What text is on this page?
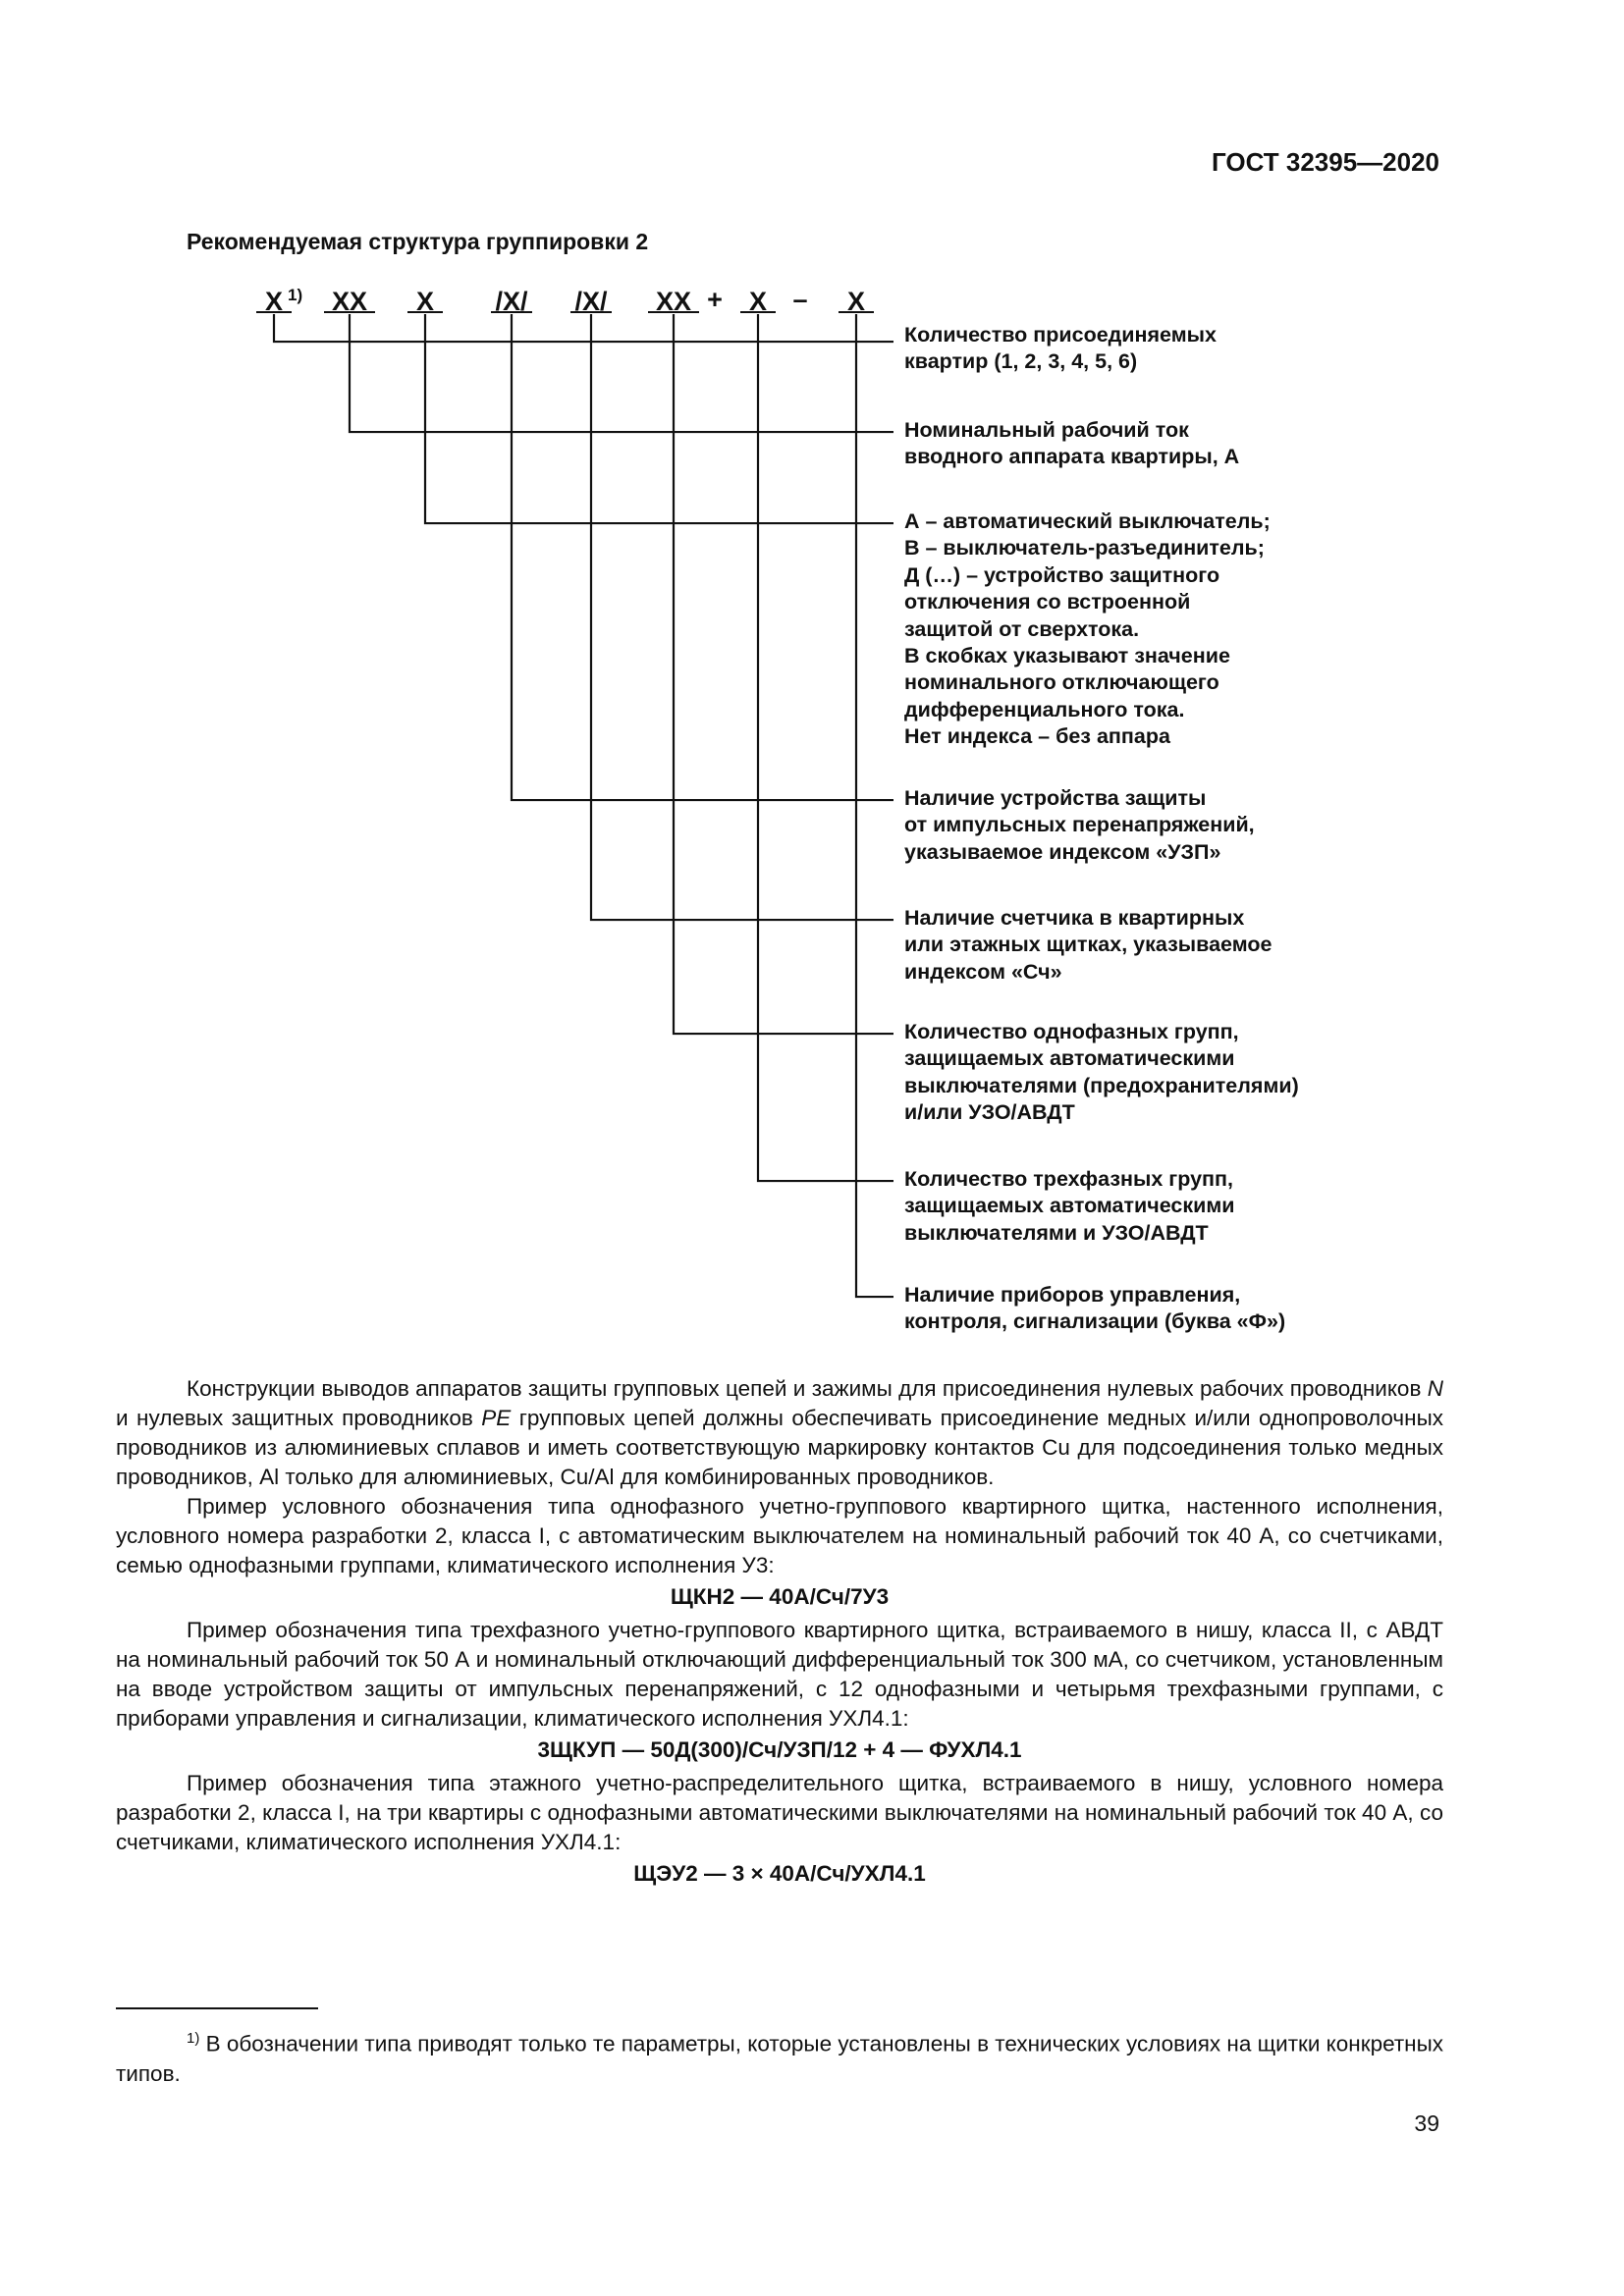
ГОСТ 32395—2020
Рекомендуемая структура группировки 2
Х 1) ХХ Х /Х/ /Х/ ХХ Х	Х
+	–
Количество присоединяемых
квартир (1, 2, 3, 4, 5, 6)
Номинальный рабочий ток
вводного аппарата квартиры, А
А – автоматический выключатель;
В – выключатель-разъединитель;
Д (…) – устройство защитного
отключения со встроенной
защитой от сверхтока.
В скобках указывают значение
номинального отключающего
дифференциального тока.
Нет индекса – без аппара
Наличие устройства защиты
от импульсных перенапряжений,
указываемое индексом «УЗП»
Наличие счетчика в квартирных
или этажных щитках, указываемое
индексом «Сч»
Количество однофазных групп,
защищаемых автоматическими
выключателями (предохранителями)
и/или УЗО/АВДТ
Количество трехфазных групп,
защищаемых автоматическими
выключателями и УЗО/АВДТ
Наличие приборов управления,
контроля, сигнализации (буква «Ф»)

Конструкции выводов аппаратов защиты групповых цепей и зажимы для присоединения нулевых рабочих проводников N и нулевых защитных проводников РЕ групповых цепей должны обеспечивать присоединение медных и/или однопроволочных проводников из алюминиевых сплавов и иметь соответствующую маркировку контактов Cu для подсоединения только медных проводников, Al только для алюминиевых, Cu/Al для комбинированных проводников.

Пример условного обозначения типа однофазного учетно-группового квартирного щитка, настенного исполнения, условного номера разработки 2, класса I, с автоматическим выключателем на номинальный рабочий ток 40 А, со счетчиками, семью однофазными группами, климатического исполнения У3:

ЩКН2 — 40А/Сч/7У3

Пример обозначения типа трехфазного учетно-группового квартирного щитка, встраиваемого в нишу, класса II, с АВДТ на номинальный рабочий ток 50 А и номинальный отключающий дифференциальный ток 300 мА, со счетчиком, установленным на вводе устройством защиты от импульсных перенапряжений, с 12 однофазными и четырьмя трехфазными группами, с приборами управления и сигнализации, климатического исполнения УХЛ4.1:

3ЩКУП — 50Д(300)/Сч/УЗП/12 + 4 — ФУХЛ4.1

Пример обозначения типа этажного учетно-распределительного щитка, встраиваемого в нишу, условного номера разработки 2, класса I, на три квартиры с однофазными автоматическими выключателями на номинальный рабочий ток 40 А, со счетчиками, климатического исполнения УХЛ4.1:

ЩЭУ2 — 3 × 40А/Сч/УХЛ4.1

$^{1)}$ В обозначении типа приводят только те параметры, которые установлены в технических условиях на щитки конкретных типов.

39
